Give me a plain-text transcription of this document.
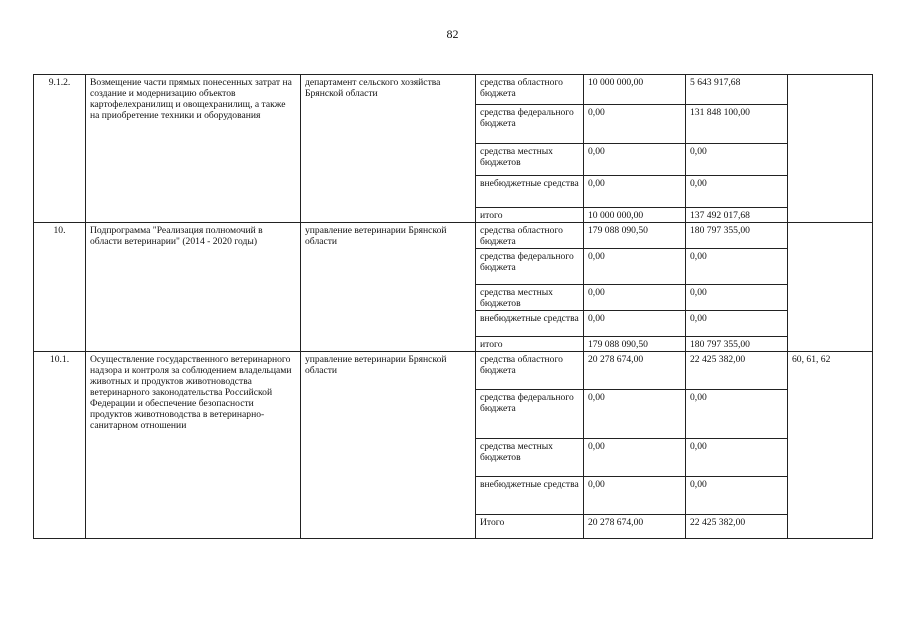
82
9.1.2.	Возмещение части прямых понесенных затрат на создание и модернизацию объектов картофелехранилищ и овощехранилищ, а также на приобретение техники и оборудования	департамент сельского хозяйства Брянской области	средства областного бюджета	10 000 000,00	5 643 917,68	
			средства федерального бюджета	0,00	131 848 100,00	
			средства местных бюджетов	0,00	0,00	
			внебюджетные средства	0,00	0,00	
			итого	10 000 000,00	137 492 017,68	
10.	Подпрограмма "Реализация полномочий в области ветеринарии" (2014 - 2020 годы)	управление ветеринарии Брянской области	средства областного бюджета	179 088 090,50	180 797 355,00	
			средства федерального бюджета	0,00	0,00	
			средства местных бюджетов	0,00	0,00	
			внебюджетные средства	0,00	0,00	
			итого	179 088 090,50	180 797 355,00	
10.1.	Осуществление государственного ветеринарного надзора и контроля за соблюдением владельцами животных и продуктов животноводства ветеринарного законодательства Российской Федерации и обеспечение безопасности продуктов животноводства в ветеринарно-санитарном отношении	управление ветеринарии Брянской области	средства областного бюджета	20 278 674,00	22 425 382,00	60, 61, 62
			средства федерального бюджета	0,00	0,00	
			средства местных бюджетов	0,00	0,00	
			внебюджетные средства	0,00	0,00	
			Итого	20 278 674,00	22 425 382,00	
